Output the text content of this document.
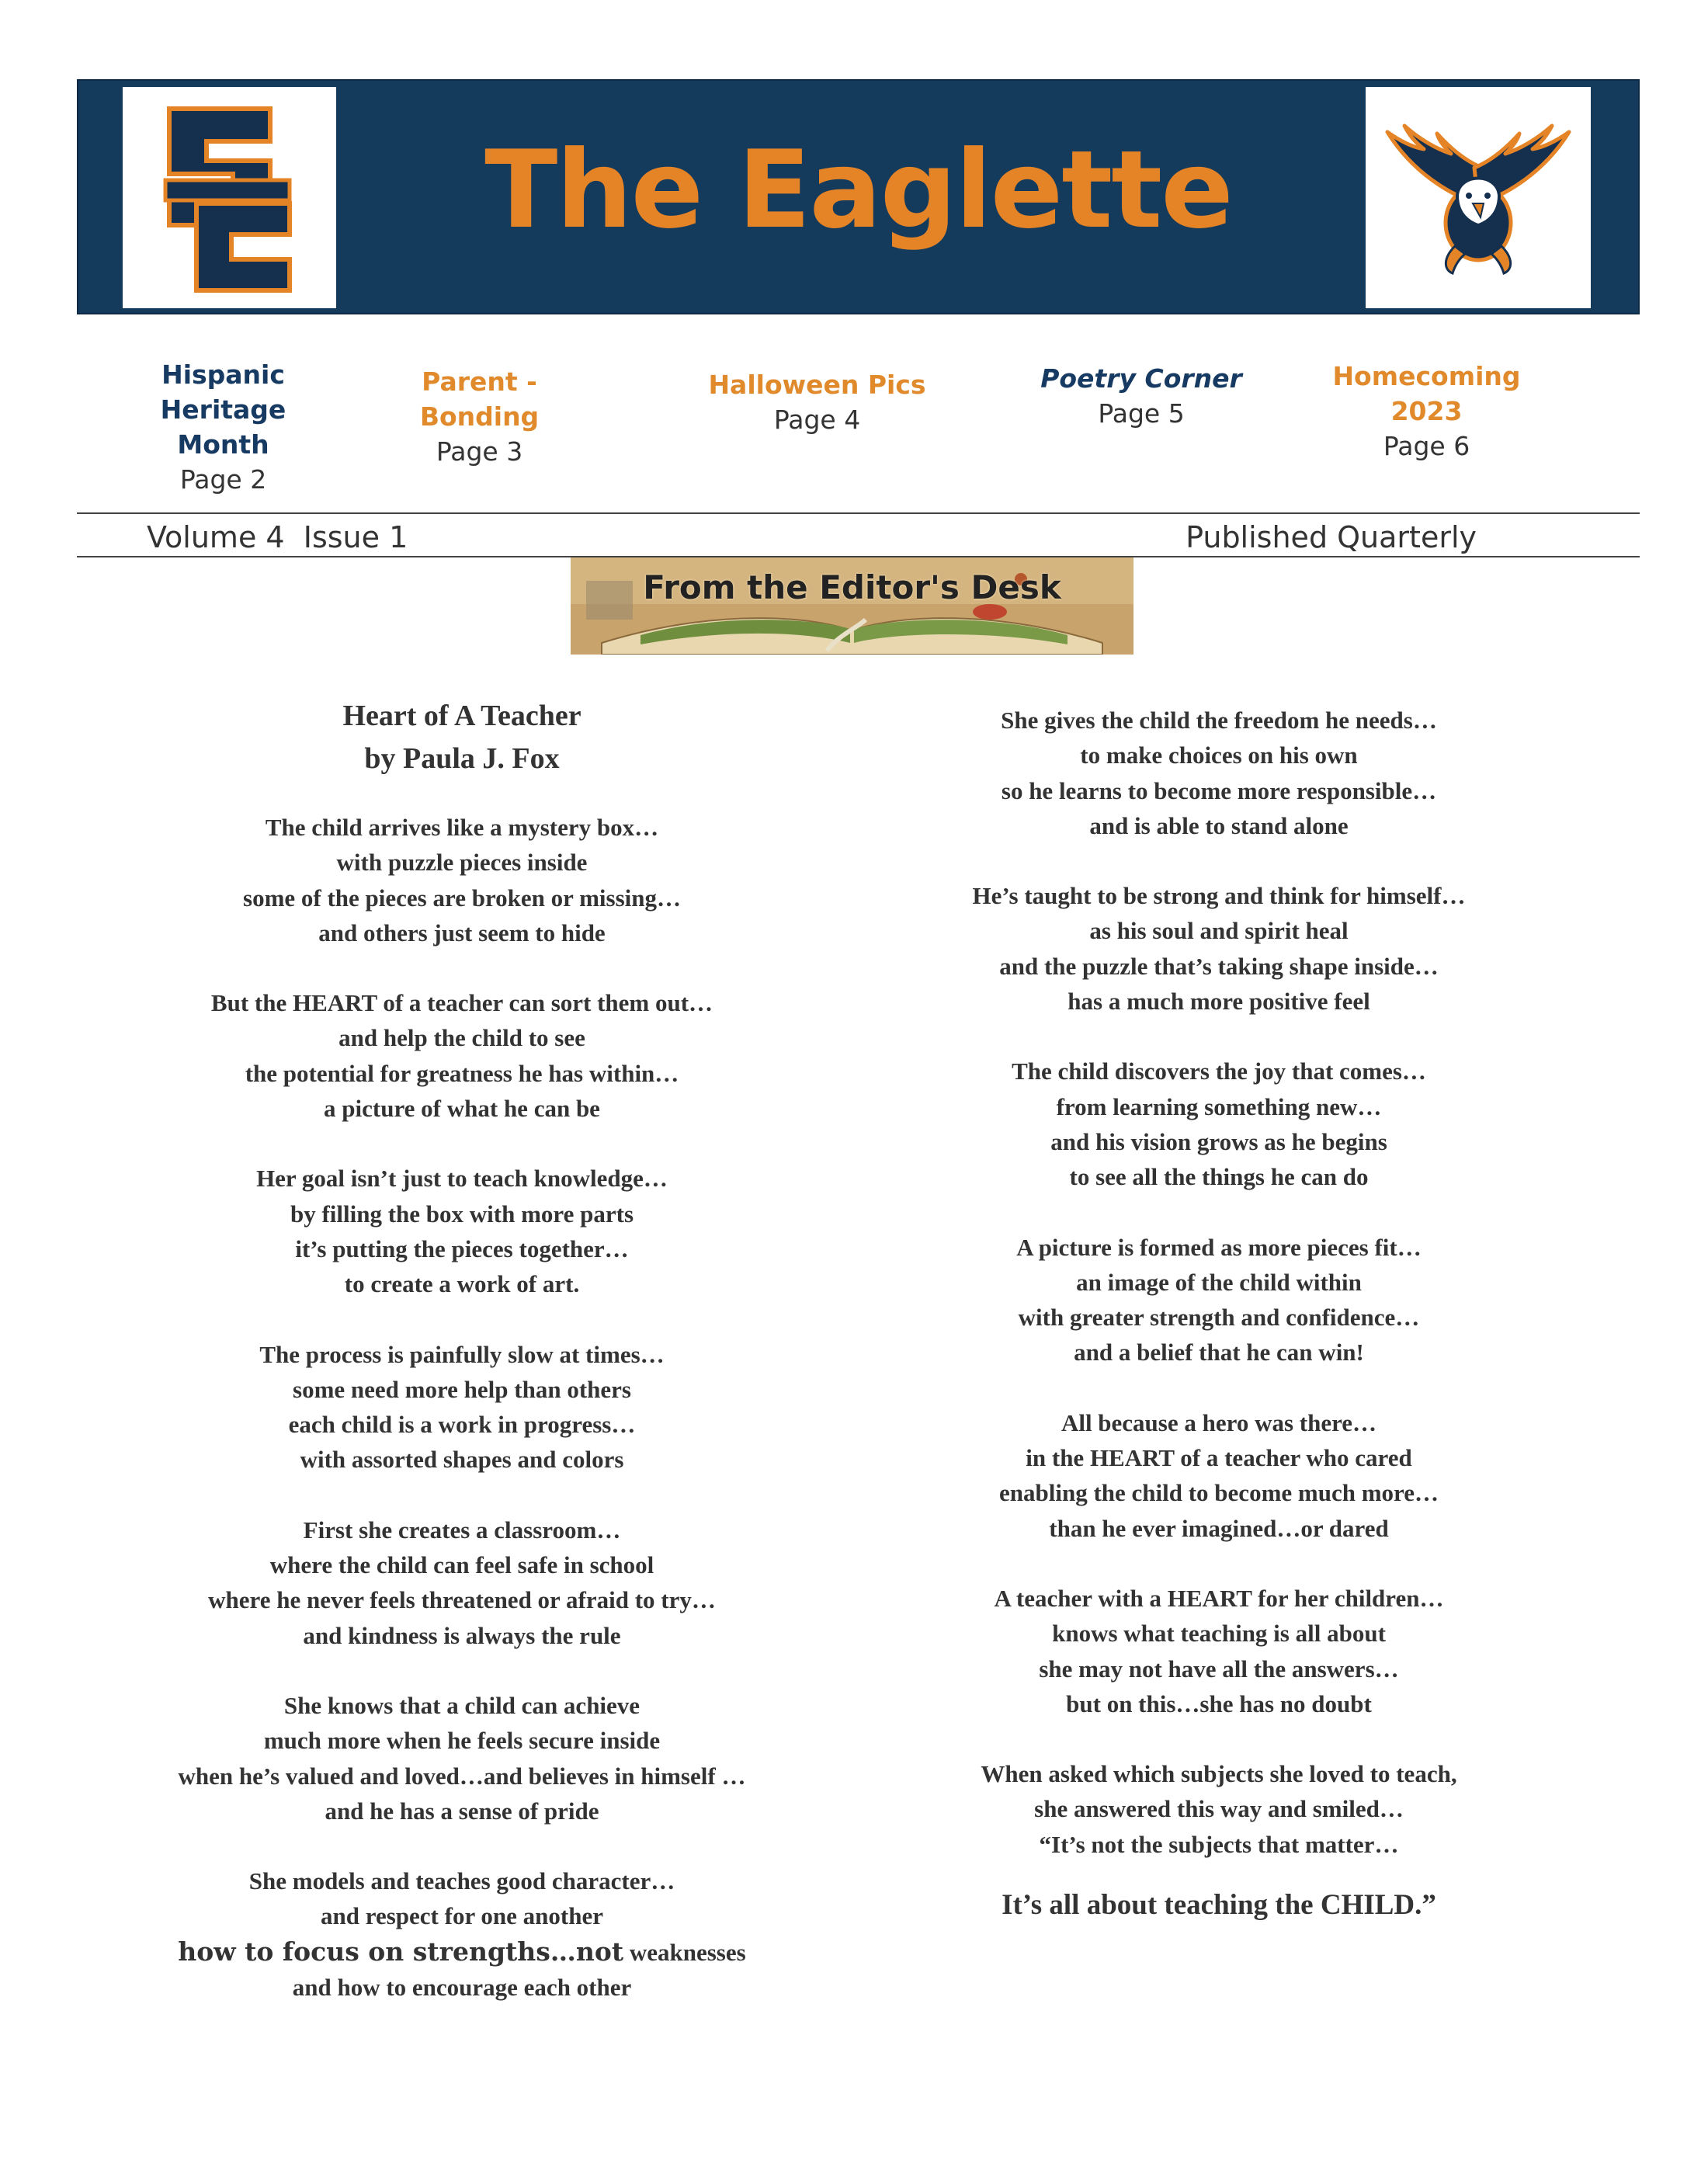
The Eaglette
Hispanic
Heritage Month
Page 2
Parent - Bonding
Page 3
Halloween Pics
Page 4
Poetry Corner
Page 5
Homecoming
2023
Page 6
Volume 4  Issue 1	Published Quarterly
From the Editor's Desk
Heart of A Teacher
by Paula J. Fox
The child arrives like a mystery box…
with puzzle pieces inside
some of the pieces are broken or missing…
and others just seem to hide
But the HEART of a teacher can sort them out…
and help the child to see
the potential for greatness he has within…
a picture of what he can be
Her goal isn’t just to teach knowledge…
by filling the box with more parts
it’s putting the pieces together…
to create a work of art.
The process is painfully slow at times…
some need more help than others
each child is a work in progress…
with assorted shapes and colors
First she creates a classroom…
where the child can feel safe in school
where he never feels threatened or afraid to try…
and kindness is always the rule
She knows that a child can achieve
much more when he feels secure inside
when he’s valued and loved…and believes in himself …
and he has a sense of pride
She models and teaches good character…
and respect for one another
how to focus on strengths…not weaknesses
and how to encourage each other
She gives the child the freedom he needs…
to make choices on his own
so he learns to become more responsible…
and is able to stand alone
He’s taught to be strong and think for himself…
as his soul and spirit heal
and the puzzle that’s taking shape inside…
has a much more positive feel
The child discovers the joy that comes…
from learning something new…
and his vision grows as he begins
to see all the things he can do
A picture is formed as more pieces fit…
an image of the child within
with greater strength and confidence…
and a belief that he can win!
All because a hero was there…
in the HEART of a teacher who cared
enabling the child to become much more…
than he ever imagined…or dared
A teacher with a HEART for her children…
knows what teaching is all about
she may not have all the answers…
but on this…she has no doubt
When asked which subjects she loved to teach,
she answered this way and smiled…
“It’s not the subjects that matter…
It’s all about teaching the CHILD.”
